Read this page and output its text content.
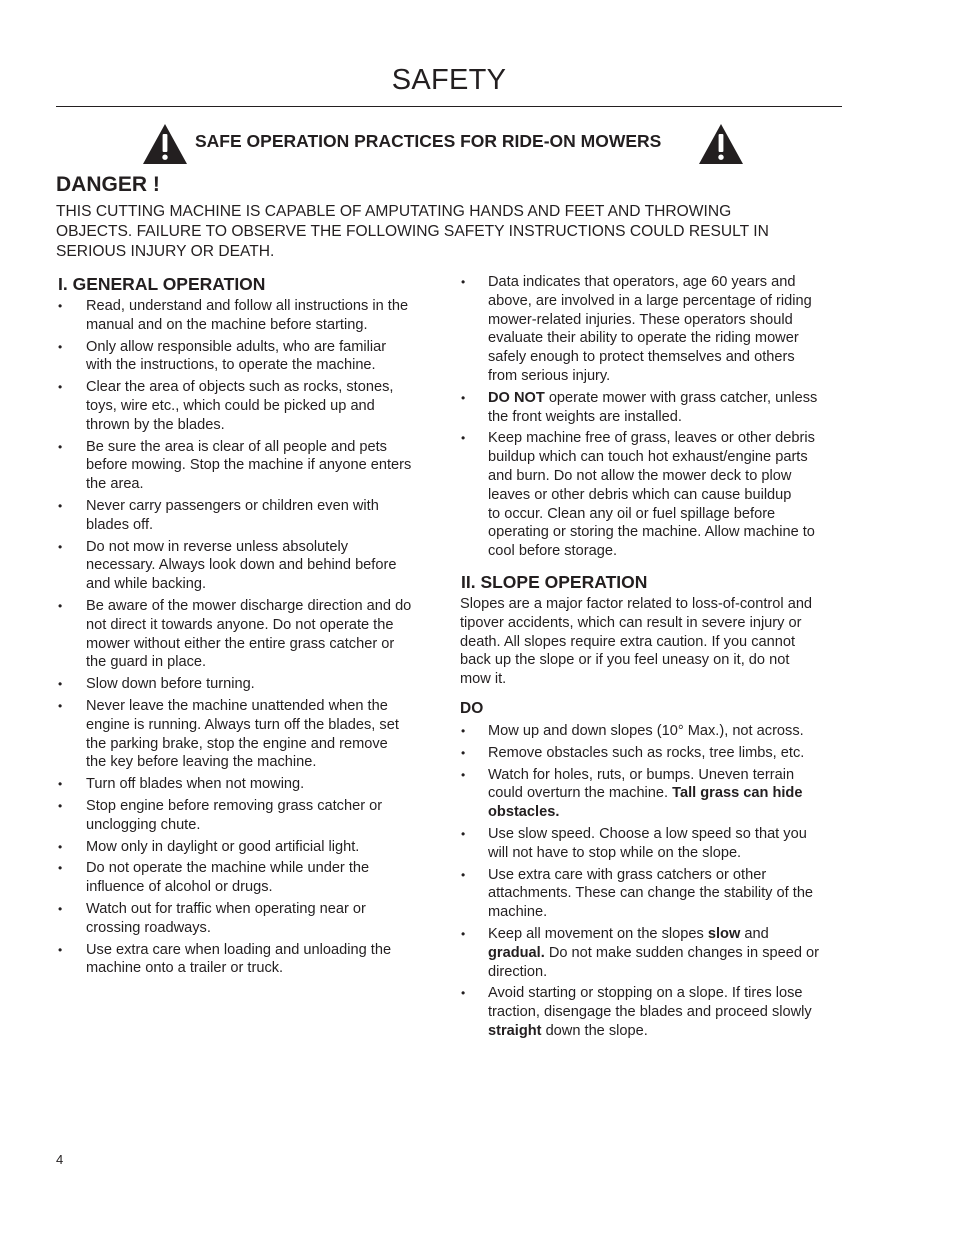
SAFETY
SAFE OPERATION PRACTICES FOR RIDE-ON MOWERS
DANGER !
THIS CUTTING MACHINE IS CAPABLE OF AMPUTATING HANDS AND FEET AND THROWING
OBJECTS. FAILURE TO OBSERVE THE FOLLOWING SAFETY INSTRUCTIONS COULD RESULT IN
SERIOUS INJURY OR DEATH.
I. GENERAL OPERATION
• Read, understand and follow all instructions in the
manual and on the machine before starting.
• Only allow responsible adults, who are familiar
with the instructions, to operate the machine.
• Clear the area of objects such as rocks, stones,
toys, wire etc., which could be picked up and
thrown by the blades.
• Be sure the area is clear of all people and pets
before mowing. Stop the machine if anyone enters
the area.
• Never carry passengers or children even with
blades off.
• Do not mow in reverse unless absolutely
necessary. Always look down and behind before
and while backing.
• Be aware of the mower discharge direction and do
not direct it towards anyone. Do not operate the
mower without either the entire grass catcher or
the guard in place.
• Slow down before turning.
• Never leave the machine unattended when the
engine is running. Always turn off the blades, set
the parking brake, stop the engine and remove
the key before leaving the machine.
• Turn off blades when not mowing.
• Stop engine before removing grass catcher or
unclogging chute.
• Mow only in daylight or good artificial light.
• Do not operate the machine while under the
influence of alcohol or drugs.
• Watch out for traffic when operating near or
crossing roadways.
• Use extra care when loading and unloading the
machine onto a trailer or truck.
• Data indicates that operators, age 60 years and
above, are involved in a large percentage of riding
mower-related injuries. These operators should
evaluate their ability to operate the riding mower
safely enough to protect themselves and others
from serious injury.
• DO NOT operate mower with grass catcher, unless
the front weights are installed.
• Keep machine free of grass, leaves or other debris
buildup which can touch hot exhaust/engine parts
and burn. Do not allow the mower deck to plow
leaves or other debris which can cause buildup
to occur. Clean any oil or fuel spillage before
operating or storing the machine. Allow machine to
cool before storage.
II. SLOPE OPERATION

Slopes are a major factor related to loss-of-control and
tipover accidents, which can result in severe injury or
death. All slopes require extra caution. If you cannot
back up the slope or if you feel uneasy on it, do not
mow it.

DO
• Mow up and down slopes (10° Max.), not across.
• Remove obstacles such as rocks, tree limbs, etc.
• Watch for holes, ruts, or bumps. Uneven terrain
could overturn the machine. Tall grass can hide
obstacles.
• Use slow speed. Choose a low speed so that you
will not have to stop while on the slope.
• Use extra care with grass catchers or other
attachments. These can change the stability of the
machine.
• Keep all movement on the slopes slow and
gradual. Do not make sudden changes in speed or
direction.
• Avoid starting or stopping on a slope. If tires lose
traction, disengage the blades and proceed slowly
straight down the slope.
4
